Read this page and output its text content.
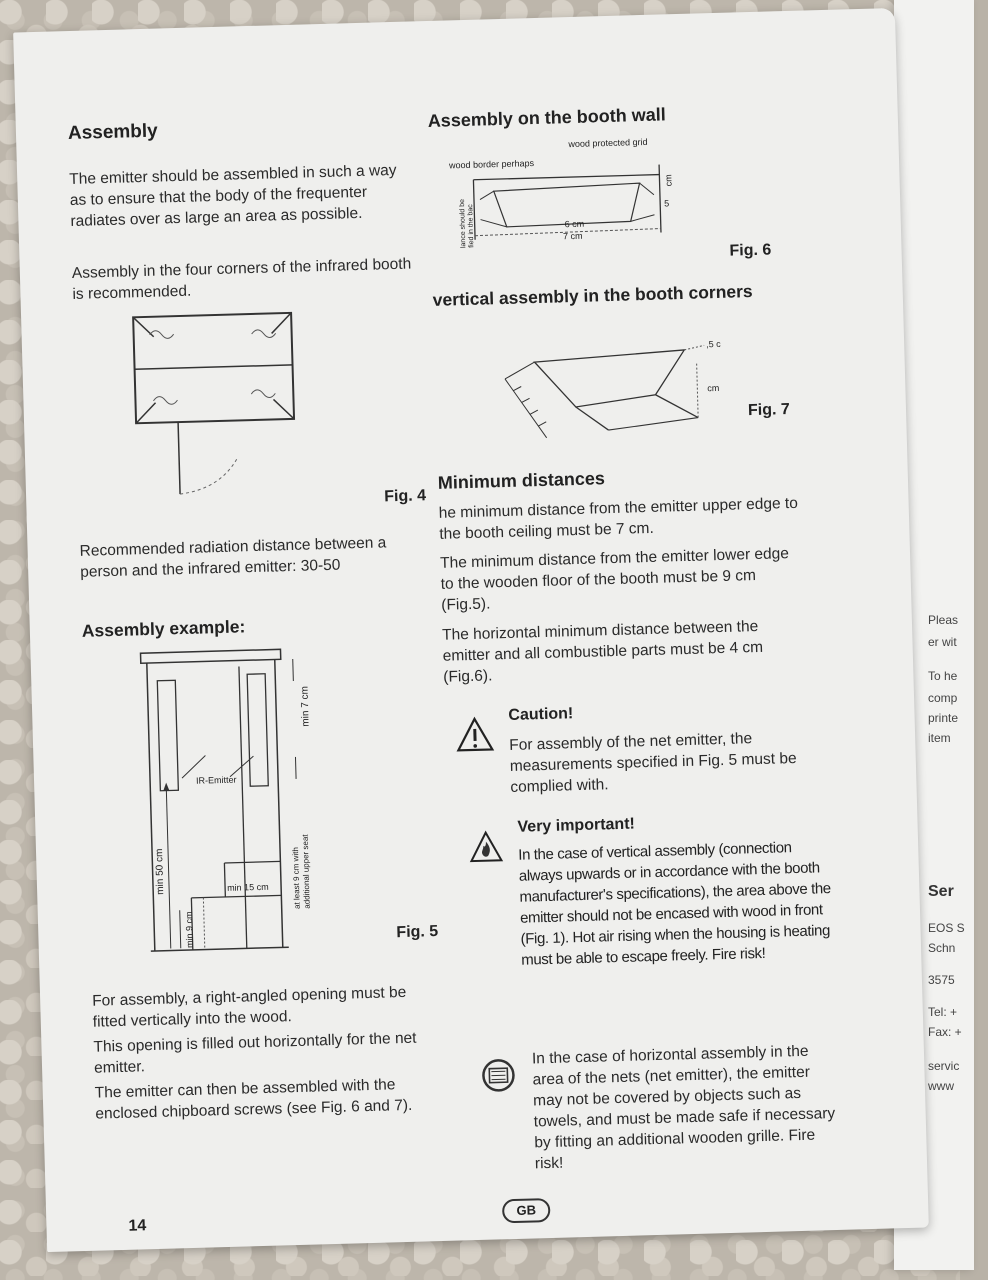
Pleas
er wit
To he
comp
printe
item
Ser
EOS S
Schn
3575
Tel: +
Fax: +
servic
www
Assembly

The emitter should be assembled in such a way as to ensure that the body of the frequenter radiates over as large an area as possible.

Assembly in the four corners of the infrared booth is recommended.

Fig. 4

Recommended radiation distance between a person and the infrared emitter: 30-50

Assembly example:
IR-Emitter
min 7 cm
min 50 cm
min 9 cm
min 15 cm	at least 9 cm with
additional upper seat
Fig. 5

For assembly, a right-angled opening must be fitted vertically into the wood.

This opening is filled out horizontally for the net emitter.

The emitter can then be assembled with the enclosed chipboard screws (see Fig. 6 and 7).

14
Assembly on the booth wall
wood protected grid
wood border perhaps
6 cm
7 cm
lance should be fied in the bac
cm
5
Fig. 6
vertical assembly in the booth corners
,5 c
cm
Fig. 7
Minimum distances

he minimum distance from the emitter upper edge to the booth ceiling must be 7 cm.

The minimum distance from the emitter lower edge to the wooden floor of the booth must be 9 cm (Fig.5).

The horizontal minimum distance between the emitter and all combustible parts must be 4 cm (Fig.6).

Caution!

For assembly of the net emitter, the measurements specified in Fig. 5 must be complied with.

Very important!
In the case of vertical assembly (connection always upwards or in accordance with the booth manufacturer's specifications), the area above the emitter should not be encased with wood in front (Fig. 1). Hot air rising when the housing is heating must be able to escape freely. Fire risk!

In the case of horizontal assembly in the area of the nets (net emitter), the emitter may not be covered by objects such as towels, and must be made safe if necessary by fitting an additional wooden grille. Fire risk!

GB
